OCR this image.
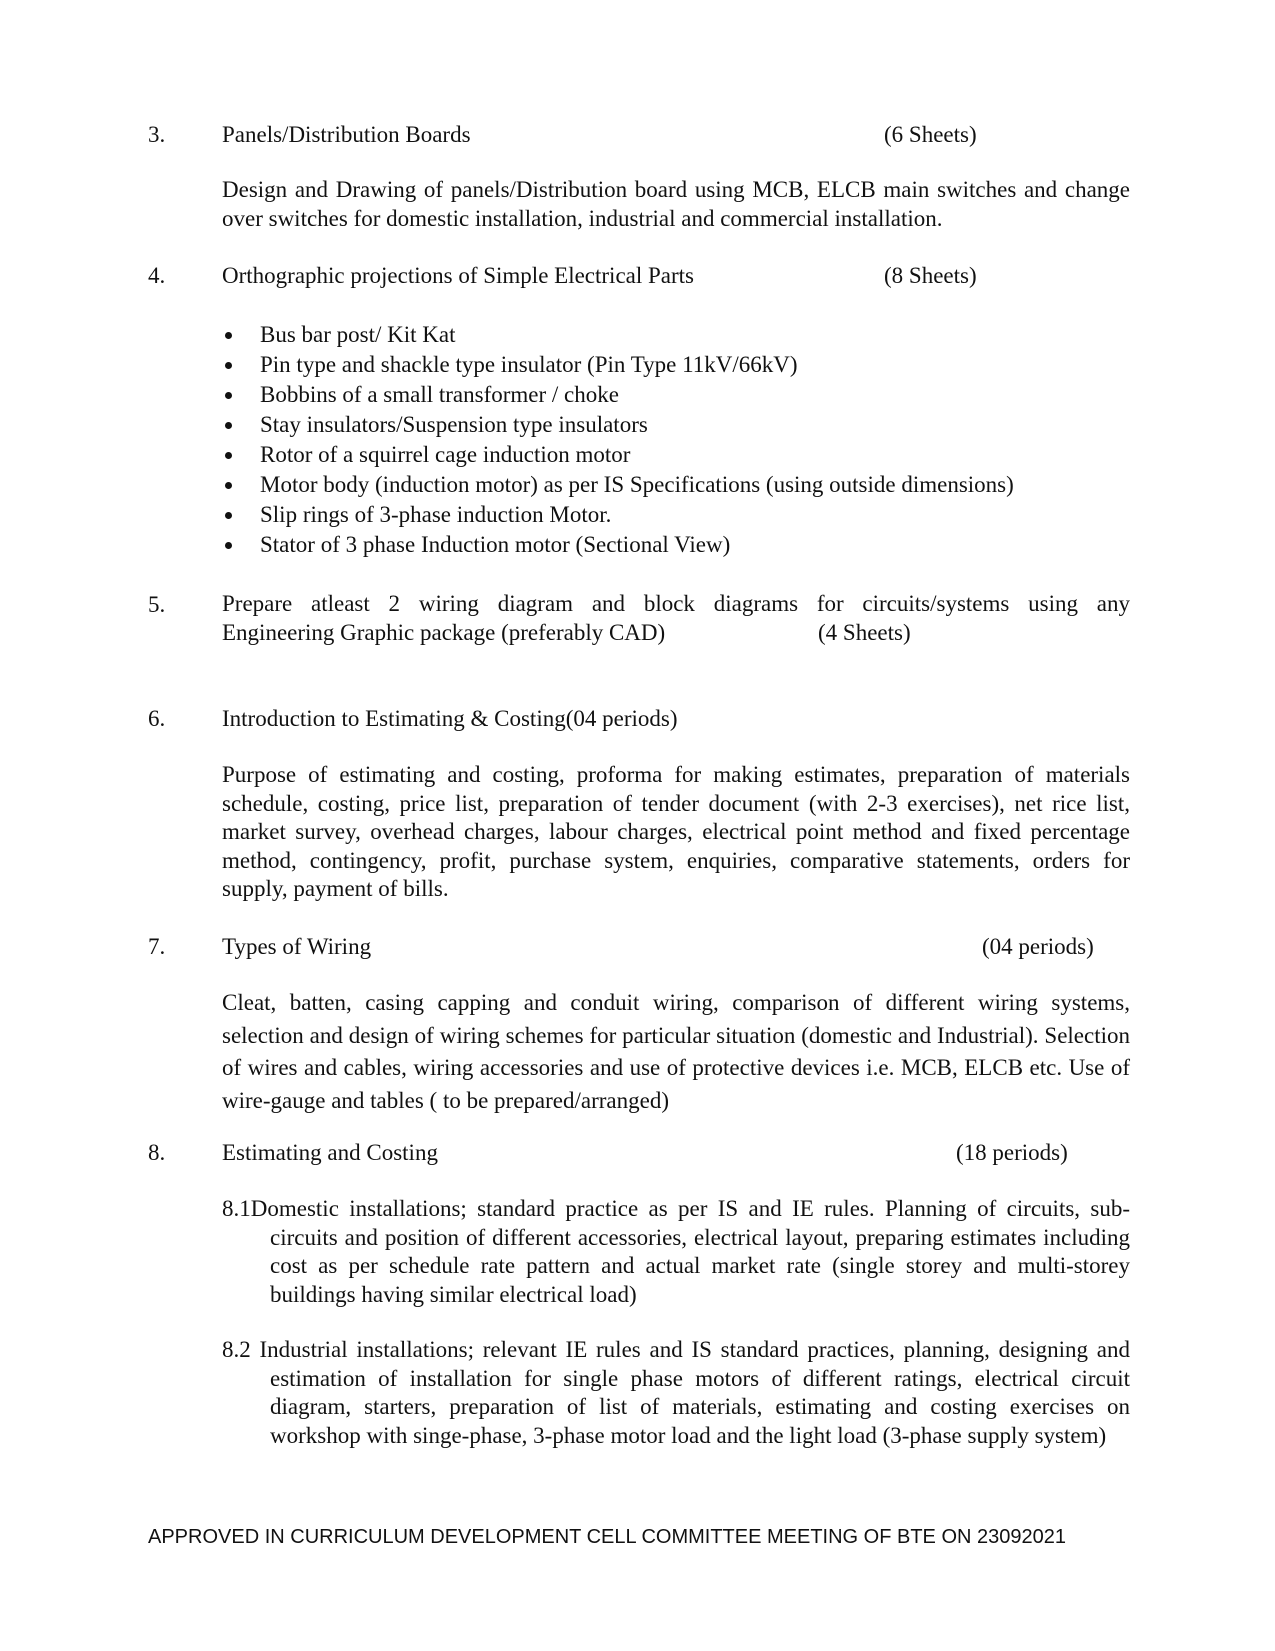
3. Panels/Distribution Boards	(6 Sheets)
Design and Drawing of panels/Distribution board using MCB, ELCB main switches and change over switches for domestic installation, industrial and commercial installation.
4. Orthographic projections of Simple Electrical Parts	(8 Sheets)
Bus bar post/ Kit Kat
Pin type and shackle type insulator (Pin Type 11kV/66kV)
Bobbins of a small transformer / choke
Stay insulators/Suspension type insulators
Rotor of a squirrel cage induction motor
Motor body (induction motor) as per IS Specifications (using outside dimensions)
Slip rings of 3-phase induction Motor.
Stator of 3 phase Induction motor (Sectional View)
5. Prepare atleast 2 wiring diagram and block diagrams for circuits/systems using any
Engineering Graphic package (preferably CAD)	(4 Sheets)
6. Introduction to Estimating & Costing(04 periods)
Purpose of estimating and costing, proforma for making estimates, preparation of materials schedule, costing, price list, preparation of tender document (with 2-3 exercises), net rice list, market survey, overhead charges, labour charges, electrical point method and fixed percentage method, contingency, profit, purchase system, enquiries, comparative statements, orders for supply, payment of bills.
7. Types of Wiring	(04 periods)
Cleat, batten, casing capping and conduit wiring, comparison of different wiring systems, selection and design of wiring schemes for particular situation (domestic and Industrial). Selection of wires and cables, wiring accessories and use of protective devices i.e. MCB, ELCB etc. Use of wire-gauge and tables ( to be prepared/arranged)
8. Estimating and Costing	(18 periods)
8.1Domestic installations; standard practice as per IS and IE rules. Planning of circuits, sub-circuits and position of different accessories, electrical layout, preparing estimates including cost as per schedule rate pattern and actual market rate (single storey and multi-storey buildings having similar electrical load)
8.2 Industrial installations; relevant IE rules and IS standard practices, planning, designing and estimation of installation for single phase motors of different ratings, electrical circuit diagram, starters, preparation of list of materials, estimating and costing exercises on workshop with singe-phase, 3-phase motor load and the light load (3-phase supply system)
APPROVED IN CURRICULUM DEVELOPMENT CELL COMMITTEE MEETING OF BTE ON 23092021
